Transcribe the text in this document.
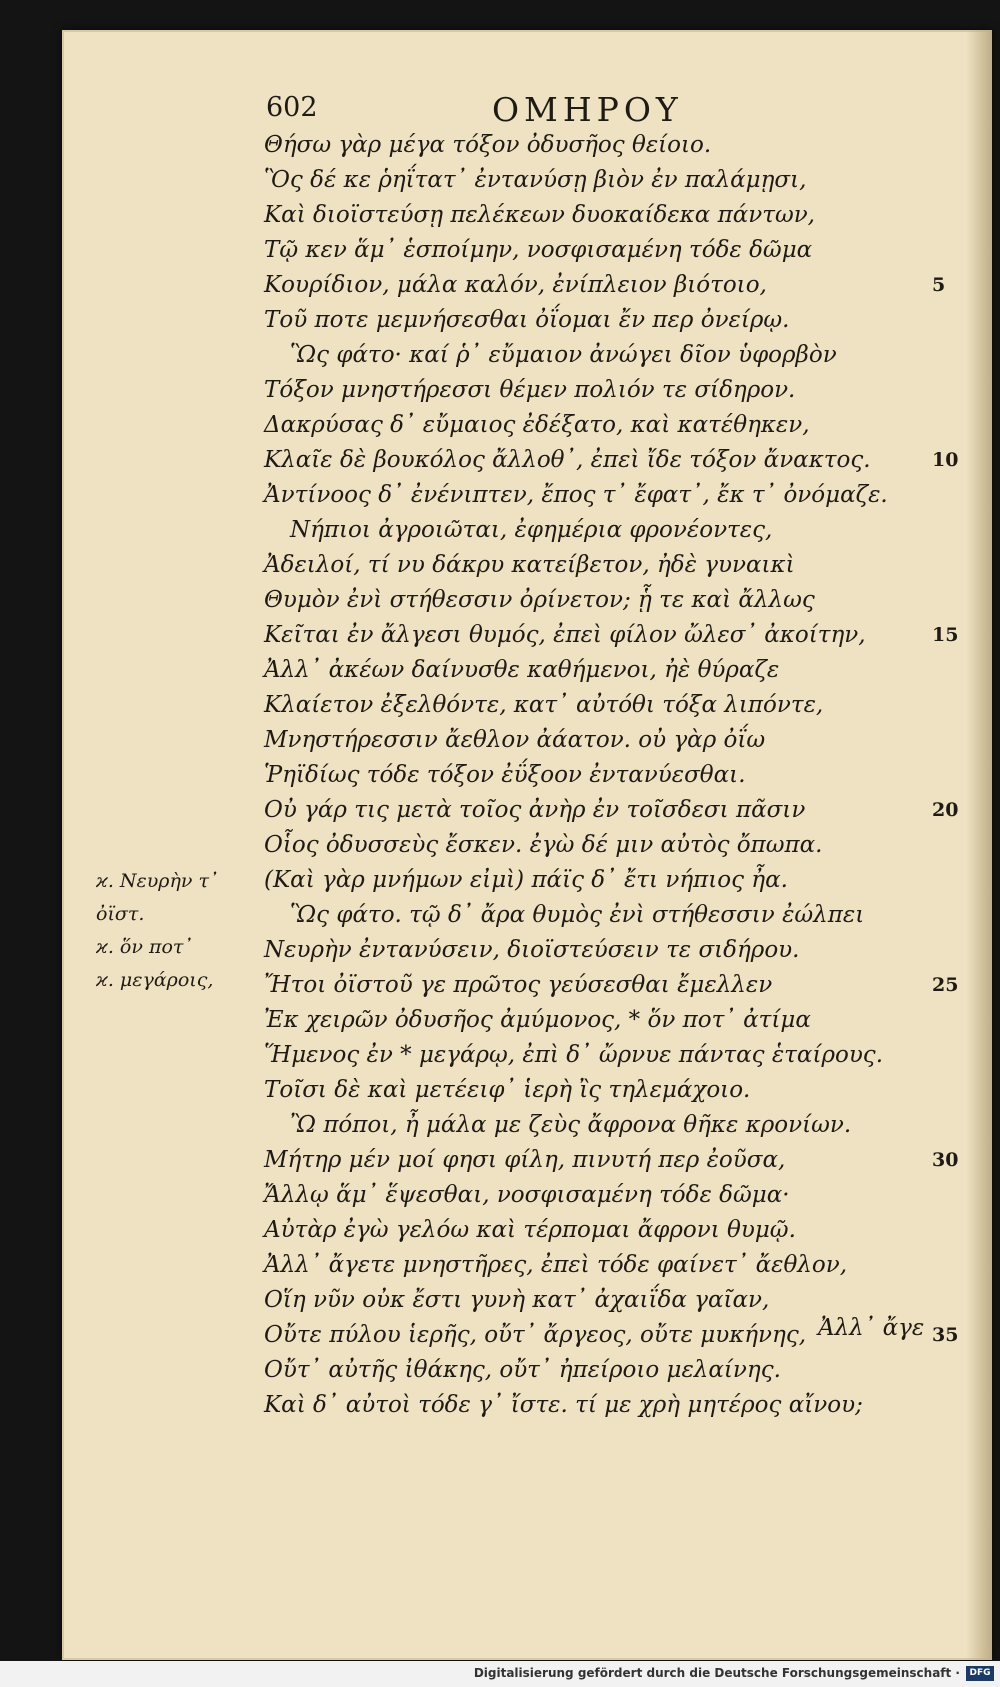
602	ΟΜΗΡΟΥ
Θήσω γὰρ μέγα τόξον ὀδυσῆος θείοιο.
Ὃς δέ κε ῥηΐτατ᾽ ἐντανύσῃ βιὸν ἐν παλάμῃσι,
Καὶ διοϊστεύσῃ πελέκεων δυοκαίδεκα πάντων,
Τῷ κεν ἅμ᾽ ἑσποίμην, νοσφισαμένη τόδε δῶμα
Κουρίδιον, μάλα καλόν, ἐνίπλειον βιότοιο,	5
Τοῦ ποτε μεμνήσεσθαι ὀΐομαι ἔν περ ὀνείρῳ.
Ὣς φάτο· καί ῥ᾽ εὔμαιον ἀνώγει δῖον ὑφορβὸν
Τόξον μνηστήρεσσι θέμεν πολιόν τε σίδηρον.
Δακρύσας δ᾽ εὔμαιος ἐδέξατο, καὶ κατέθηκεν,
Κλαῖε δὲ βουκόλος ἄλλοθ᾽, ἐπεὶ ἴδε τόξον ἄνακτος.	10
Ἀντίνοος δ᾽ ἐνένιπτεν, ἔπος τ᾽ ἔφατ᾽, ἔκ τ᾽ ὀνόμαζε.
Νήπιοι ἀγροιῶται, ἐφημέρια φρονέοντες,
Ἀδειλοί, τί νυ δάκρυ κατείβετον, ἠδὲ γυναικὶ
Θυμὸν ἐνὶ στήθεσσιν ὀρίνετον; ᾗ τε καὶ ἄλλως
Κεῖται ἐν ἄλγεσι θυμός, ἐπεὶ φίλον ὤλεσ᾽ ἀκοίτην,	15
Ἀλλ᾽ ἀκέων δαίνυσθε καθήμενοι, ἠὲ θύραζε
Κλαίετον ἐξελθόντε, κατ᾽ αὐτόθι τόξα λιπόντε,
Μνηστήρεσσιν ἄεθλον ἀάατον. οὐ γὰρ ὀΐω
Ῥηϊδίως τόδε τόξον ἐΰξοον ἐντανύεσθαι.
Οὐ γάρ τις μετὰ τοῖος ἀνὴρ ἐν τοῖσδεσι πᾶσιν	20
Οἷος ὀδυσσεὺς ἔσκεν. ἐγὼ δέ μιν αὐτὸς ὄπωπα.
(Καὶ γὰρ μνήμων εἰμὶ) πάϊς δ᾽ ἔτι νήπιος ἦα.
Ὣς φάτο. τῷ δ᾽ ἄρα θυμὸς ἐνὶ στήθεσσιν ἐώλπει
Νευρὴν ἐντανύσειν, διοϊστεύσειν τε σιδήρου.
Ἤτοι ὀϊστοῦ γε πρῶτος γεύσεσθαι ἔμελλεν	25
Ἐκ χειρῶν ὀδυσῆος ἀμύμονος, * ὅν ποτ᾽ ἀτίμα
Ἥμενος ἐν * μεγάρῳ, ἐπὶ δ᾽ ὤρνυε πάντας ἑταίρους.
Τοῖσι δὲ καὶ μετέειφ᾽ ἱερὴ ἲς τηλεμάχοιο.
Ὢ πόποι, ἦ μάλα με ζεὺς ἄφρονα θῆκε κρονίων.
Μήτηρ μέν μοί φησι φίλη, πινυτή περ ἐοῦσα,	30
Ἄλλῳ ἅμ᾽ ἕψεσθαι, νοσφισαμένη τόδε δῶμα·
Αὐτὰρ ἐγὼ γελόω καὶ τέρπομαι ἄφρονι θυμῷ.
Ἀλλ᾽ ἄγετε μνηστῆρες, ἐπεὶ τόδε φαίνετ᾽ ἄεθλον,
Οἵη νῦν οὐκ ἔστι γυνὴ κατ᾽ ἀχαιΐδα γαῖαν,
Οὔτε πύλου ἱερῆς, οὔτ᾽ ἄργεος, οὔτε μυκήνης,	35
Οὔτ᾽ αὐτῆς ἰθάκης, οὔτ᾽ ἠπείροιο μελαίνης.
Καὶ δ᾽ αὐτοὶ τόδε γ᾽ ἴστε. τί με χρὴ μητέρος αἴνου;
ϰ. Νευρὴν τ᾽
ὀϊστ.
ϰ. ὅν ποτ᾽
ϰ. μεγάροις,
Ἀλλ᾽ ἄγε
Digitalisierung gefördert durch die Deutsche Forschungsgemeinschaft ·	DFG
